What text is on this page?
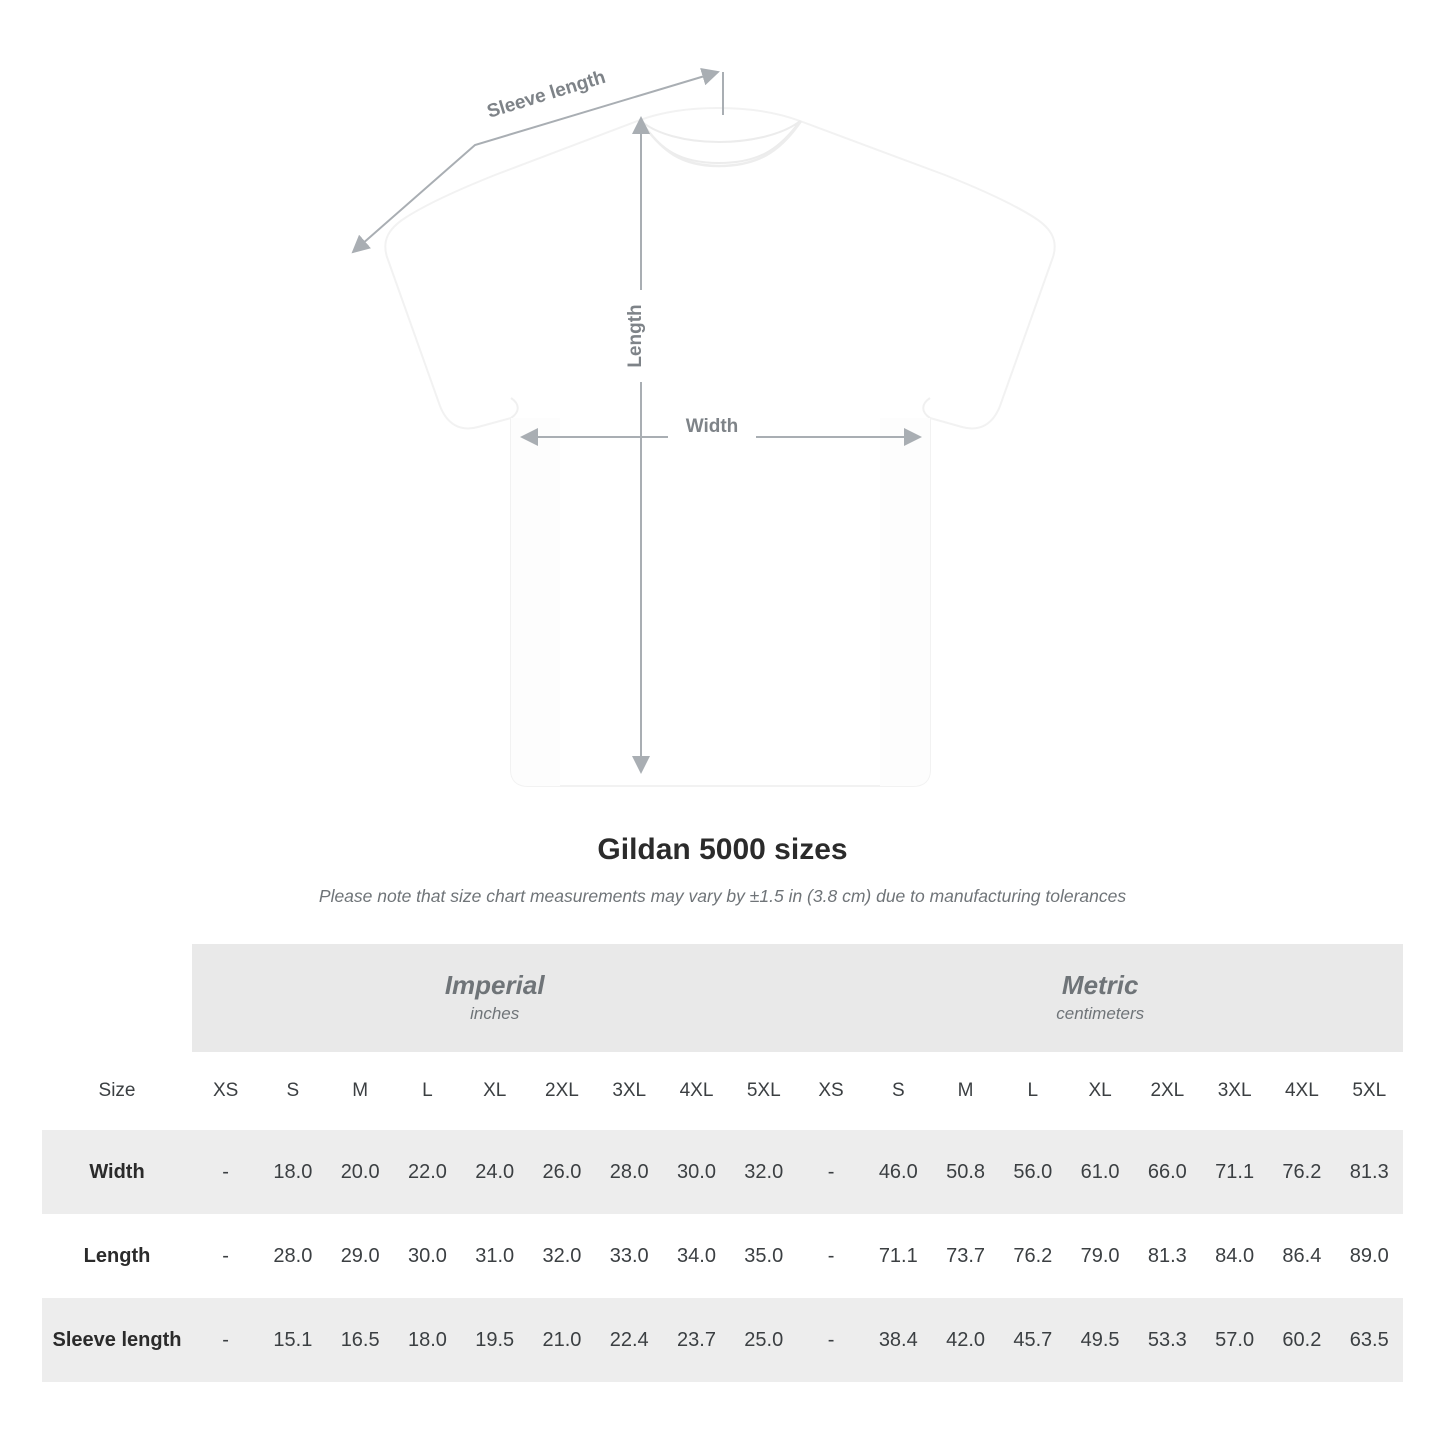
Width
Length
Sleeve length
Gildan 5000 sizes
Please note that size chart measurements may vary by ±1.5 in (3.8 cm) due to manufacturing tolerances

Imperial
inches

Metric
centimeters

Size	XS	S	M	L	XL	2XL	3XL	4XL	5XL	XS	S	M	L	XL	2XL	3XL	4XL	5XL
Width	-	18.0	20.0	22.0	24.0	26.0	28.0	30.0	32.0	-	46.0	50.8	56.0	61.0	66.0	71.1	76.2	81.3
Length	-	28.0	29.0	30.0	31.0	32.0	33.0	34.0	35.0	-	71.1	73.7	76.2	79.0	81.3	84.0	86.4	89.0
Sleeve length	-	15.1	16.5	18.0	19.5	21.0	22.4	23.7	25.0	-	38.4	42.0	45.7	49.5	53.3	57.0	60.2	63.5
